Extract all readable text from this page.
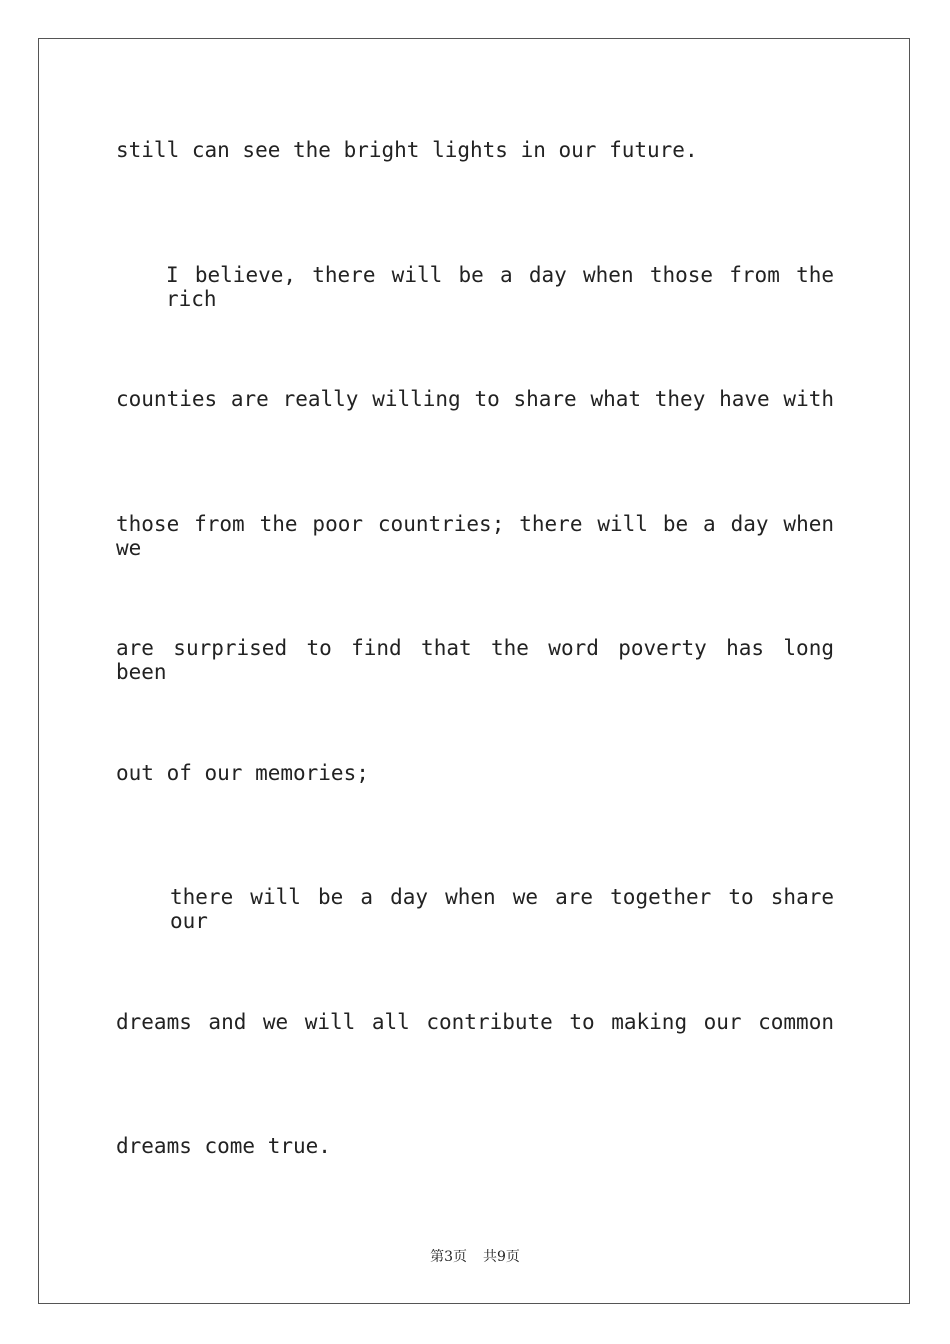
still can see the bright lights in our future.
I believe, there will be a day when those from the rich
counties are really willing to share what they have with
those from the poor countries; there will be a day when we
are surprised to find that the word poverty has long been
out of our memories;
there will be a day when we are together to share our
dreams and we will all contribute to making our common
dreams come true.
第3页 共9页
